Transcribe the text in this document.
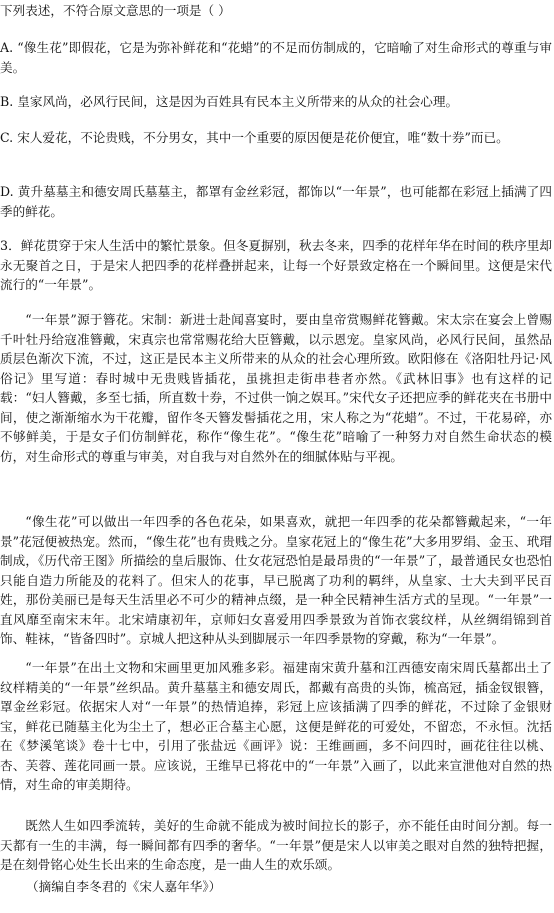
下列表述，不符合原文意思的一项是（ ）
A. “像生花”即假花，它是为弥补鲜花和“花蜡”的不足而仿制成的，它暗喻了对生命形式的尊重与审美。
B. 皇家风尚，必风行民间，这是因为百姓具有民本主义所带来的从众的社会心理。
C. 宋人爱花，不论贵贱，不分男女，其中一个重要的原因便是花价便宜，唯“数十券”而已。
D. 黄升墓墓主和德安周氏墓墓主，都罩有金丝彩冠，都饰以“一年景”，也可能都在彩冠上插满了四季的鲜花。
3．鲜花贯穿于宋人生活中的繁忙景象。但冬夏摒别，秋去冬来，四季的花样年华在时间的秩序里却永无聚首之日，于是宋人把四季的花样叠拼起来，让每一个好景致定格在一个瞬间里。这便是宋代流行的“一年景”。
“一年景”源于簪花。宋制：新进士赴闻喜宴时，要由皇帝赏赐鲜花簪戴。宋太宗在宴会上曾赐千叶牡丹给寇准簪戴，宋真宗也常常赐花给大臣簪戴，以示恩宠。皇家风尚，必风行民间，虽然品质层色渐次下流，不过，这正是民本主义所带来的从众的社会心理所致。欧阳修在《洛阳牡丹记·风俗记》里写道：春时城中无贵贱皆插花，虽挑担走街串巷者亦然。《武林旧事》也有这样的记载：“妇人簪戴，多至七插，所直数十券，不过供一饷之娱耳。”宋代女子还把应季的鲜花夹在书册中间，使之渐渐缩水为干花瓣，留作冬天簪发髻插花之用，宋人称之为“花蜡”。不过，干花易碎，亦不够鲜美，于是女子们仿制鲜花，称作“像生花”。“像生花”暗喻了一种努力对自然生命状态的模仿，对生命形式的尊重与审美，对自我与对自然外在的细腻体贴与平视。
“像生花”可以做出一年四季的各色花朵，如果喜欢，就把一年四季的花朵都簪戴起来，“一年景”花冠便被热宠。然而，“像生花”也有贵贱之分。皇家花冠上的“像生花”大多用罗绢、金玉、玳瑁制成，《历代帝王图》所描绘的皇后服饰、仕女花冠恐怕是最昂贵的“一年景”了，最普通民女也恐怕只能自造力所能及的花料了。但宋人的花事，早已脱离了功利的羁绊，从皇家、士大夫到平民百姓，那份美丽已是每天生活里必不可少的精神点缀，是一种全民精神生活方式的呈现。“一年景”一直风靡至南宋末年。北宋靖康初年，京师妇女喜爱用四季景致为首饰衣裳纹样，从丝绸绢锦到首饰、鞋袜，“皆备四时”。京城人把这种从头到脚展示一年四季景物的穿戴，称为“一年景”。
“一年景”在出土文物和宋画里更加风雅多彩。福建南宋黄升墓和江西德安南宋周氏墓都出土了纹样精美的“一年景”丝织品。黄升墓墓主和德安周氏，都戴有高贵的头饰，梳高冠，插金钗银簪，罩金丝彩冠。依据宋人对“一年景”的热情追捧，彩冠上应该插满了四季的鲜花，不过除了金银财宝，鲜花已随墓主化为尘土了，想必正合墓主心愿，这便是鲜花的可爱处，不留恋，不永恒。沈括在《梦溪笔谈》卷十七中，引用了张盐远《画评》说：王维画画，多不问四时，画花往往以桃、杏、芙蓉、莲花同画一景。应该说，王维早已将花中的“一年景”入画了，以此来宣泄他对自然的热情，对生命的审美期待。
既然人生如四季流转，美好的生命就不能成为被时间拉长的影子，亦不能任由时间分割。每一天都有一生的丰满，每一瞬间都有四季的奢华。“一年景”便是宋人以审美之眼对自然的独特把握，是在刻骨铭心处生长出来的生命态度，是一曲人生的欢乐颂。
（摘编自李冬君的《宋人嘉年华》）
